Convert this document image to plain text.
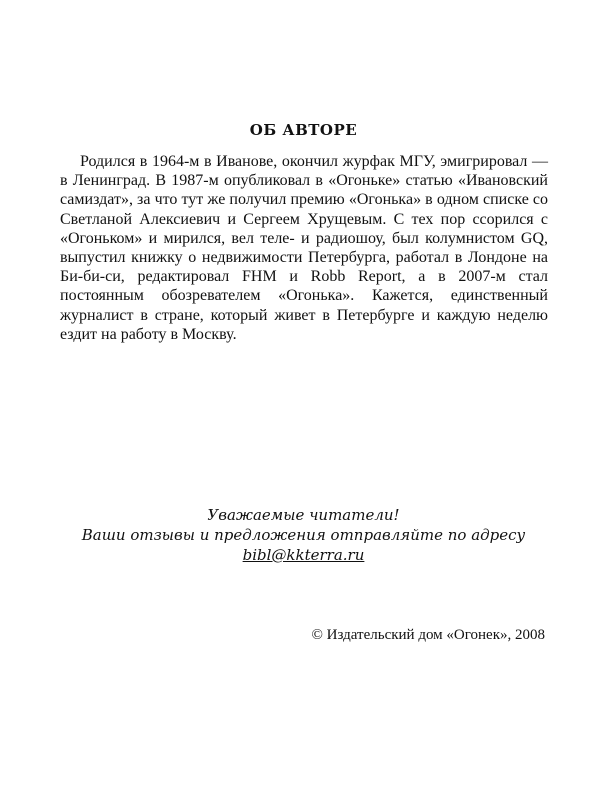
ОБ АВТОРЕ

Родился в 1964-м в Иванове, окончил журфак МГУ, эмигрировал — в Ленинград. В 1987-м опубликовал в «Огоньке» статью «Ивановский самиздат», за что тут же получил премию «Огонька» в одном списке со Светланой Алексиевич и Сергеем Хрущевым. С тех пор ссорился с «Огоньком» и мирился, вел теле- и радиошоу, был колумнистом GQ, выпустил книжку о недвижимости Петербурга, работал в Лондоне на Би-би-си, редактировал FHM и Robb Report, а в 2007-м стал постоянным обозревателем «Огонька». Кажется, единственный журналист в стране, который живет в Петербурге и каждую неделю ездит на работу в Москву.

Уважаемые читатели!
Ваши отзывы и предложения отправляйте по адресу
bibl@kkterra.ru
© Издательский дом «Огонек», 2008
